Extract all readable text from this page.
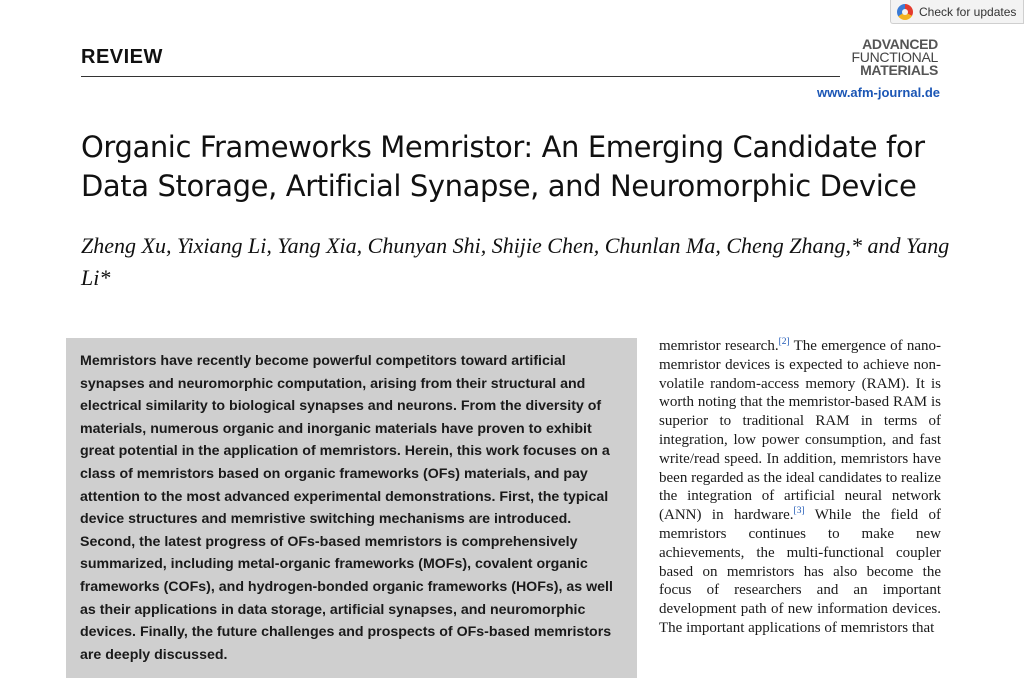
Check for updates
REVIEW
ADVANCED
FUNCTIONAL
MATERIALS
www.afm-journal.de
Organic Frameworks Memristor: An Emerging Candidate for Data Storage, Artificial Synapse, and Neuromorphic Device

Zheng Xu, Yixiang Li, Yang Xia, Chunyan Shi, Shijie Chen, Chunlan Ma, Cheng Zhang,* and Yang Li*

Memristors have recently become powerful competitors toward artificial synapses and neuromorphic computation, arising from their structural and electrical similarity to biological synapses and neurons. From the diversity of materials, numerous organic and inorganic materials have proven to exhibit great potential in the application of memristors. Herein, this work focuses on a class of memristors based on organic frameworks (OFs) materials, and pay attention to the most advanced experimental demonstrations. First, the typical device structures and memristive switching mechanisms are introduced. Second, the latest progress of OFs-based memristors is comprehensively summarized, including metal-organic frameworks (MOFs), covalent organic frameworks (COFs), and hydrogen-bonded organic frameworks (HOFs), as well as their applications in data storage, artificial synapses, and neuromorphic devices. Finally, the future challenges and prospects of OFs-based memristors are deeply discussed.

memristor research.[2] The emergence of nano-memristor devices is expected to achieve non-volatile random-access memory (RAM). It is worth noting that the memristor-based RAM is superior to traditional RAM in terms of integration, low power consumption, and fast write/read speed. In addition, memristors have been regarded as the ideal candidates to realize the integration of artificial neural network (ANN) in hardware.[3] While the field of memristors continues to make new achievements, the multi-functional coupler based on memristors has also become the focus of researchers and an important development path of new information devices. The important applications of memristors that
